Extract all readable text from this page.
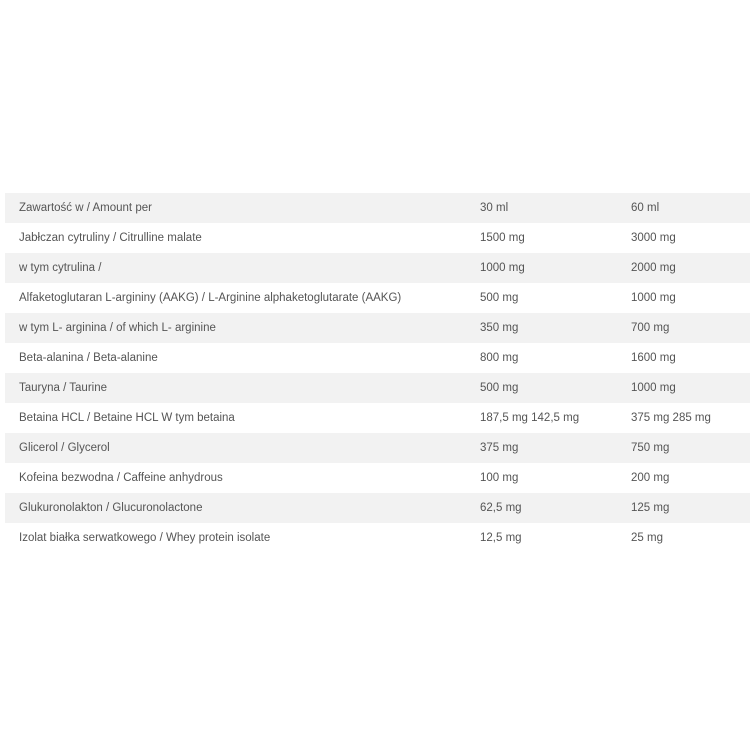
Zawartość w / Amount per	30 ml	60 ml
Jabłczan cytruliny / Citrulline malate	1500 mg	3000 mg
w tym cytrulina /	1000 mg	2000 mg
Alfaketoglutaran L-argininy (AAKG) / L-Arginine alphaketoglutarate (AAKG)	500 mg	1000 mg
w tym L- arginina / of which L- arginine	350 mg	700 mg
Beta-alanina / Beta-alanine	800 mg	1600 mg
Tauryna / Taurine	500 mg	1000 mg
Betaina HCL / Betaine HCL W tym betaina	187,5 mg 142,5 mg	375 mg 285 mg
Glicerol / Glycerol	375 mg	750 mg
Kofeina bezwodna / Caffeine anhydrous	100 mg	200 mg
Glukuronolakton / Glucuronolactone	62,5 mg	125 mg
Izolat białka serwatkowego / Whey protein isolate	12,5 mg	25 mg
